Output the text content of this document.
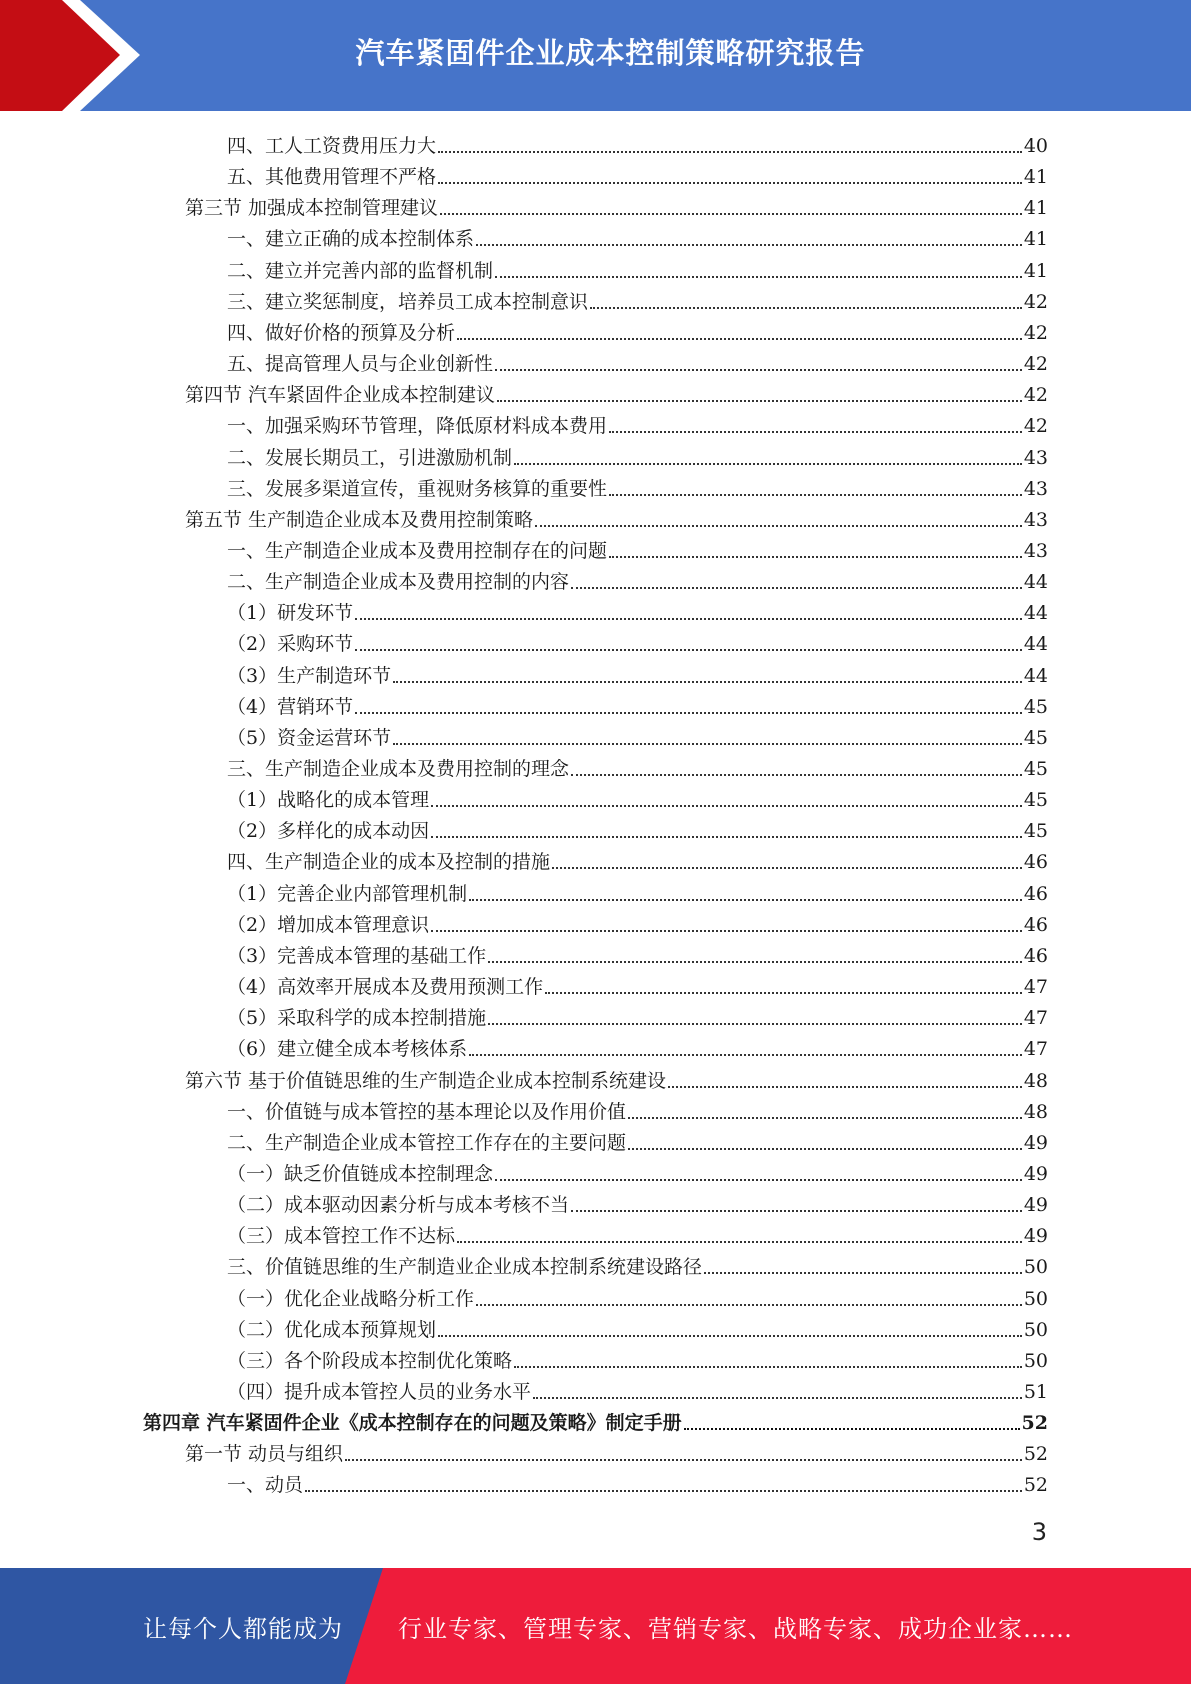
汽车紧固件企业成本控制策略研究报告
四、工人工资费用压力大	40
五、其他费用管理不严格	41
第三节 加强成本控制管理建议	41
一、建立正确的成本控制体系	41
二、建立并完善内部的监督机制	41
三、建立奖惩制度，培养员工成本控制意识	42
四、做好价格的预算及分析	42
五、提高管理人员与企业创新性	42
第四节 汽车紧固件企业成本控制建议	42
一、加强采购环节管理，降低原材料成本费用	42
二、发展长期员工，引进激励机制	43
三、发展多渠道宣传，重视财务核算的重要性	43
第五节 生产制造企业成本及费用控制策略	43
一、生产制造企业成本及费用控制存在的问题	43
二、生产制造企业成本及费用控制的内容	44
（1）研发环节	44
（2）采购环节	44
（3）生产制造环节	44
（4）营销环节	45
（5）资金运营环节	45
三、生产制造企业成本及费用控制的理念	45
（1）战略化的成本管理	45
（2）多样化的成本动因	45
四、生产制造企业的成本及控制的措施	46
（1）完善企业内部管理机制	46
（2）增加成本管理意识	46
（3）完善成本管理的基础工作	46
（4）高效率开展成本及费用预测工作	47
（5）采取科学的成本控制措施	47
（6）建立健全成本考核体系	47
第六节 基于价值链思维的生产制造企业成本控制系统建设	48
一、价值链与成本管控的基本理论以及作用价值	48
二、生产制造企业成本管控工作存在的主要问题	49
（一）缺乏价值链成本控制理念	49
（二）成本驱动因素分析与成本考核不当	49
（三）成本管控工作不达标	49
三、价值链思维的生产制造业企业成本控制系统建设路径	50
（一）优化企业战略分析工作	50
（二）优化成本预算规划	50
（三）各个阶段成本控制优化策略	50
（四）提升成本管控人员的业务水平	51
第四章 汽车紧固件企业《成本控制存在的问题及策略》制定手册	52
第一节 动员与组织	52
一、动员	52
3
让每个人都能成为 行业专家、管理专家、营销专家、战略专家、成功企业家……
